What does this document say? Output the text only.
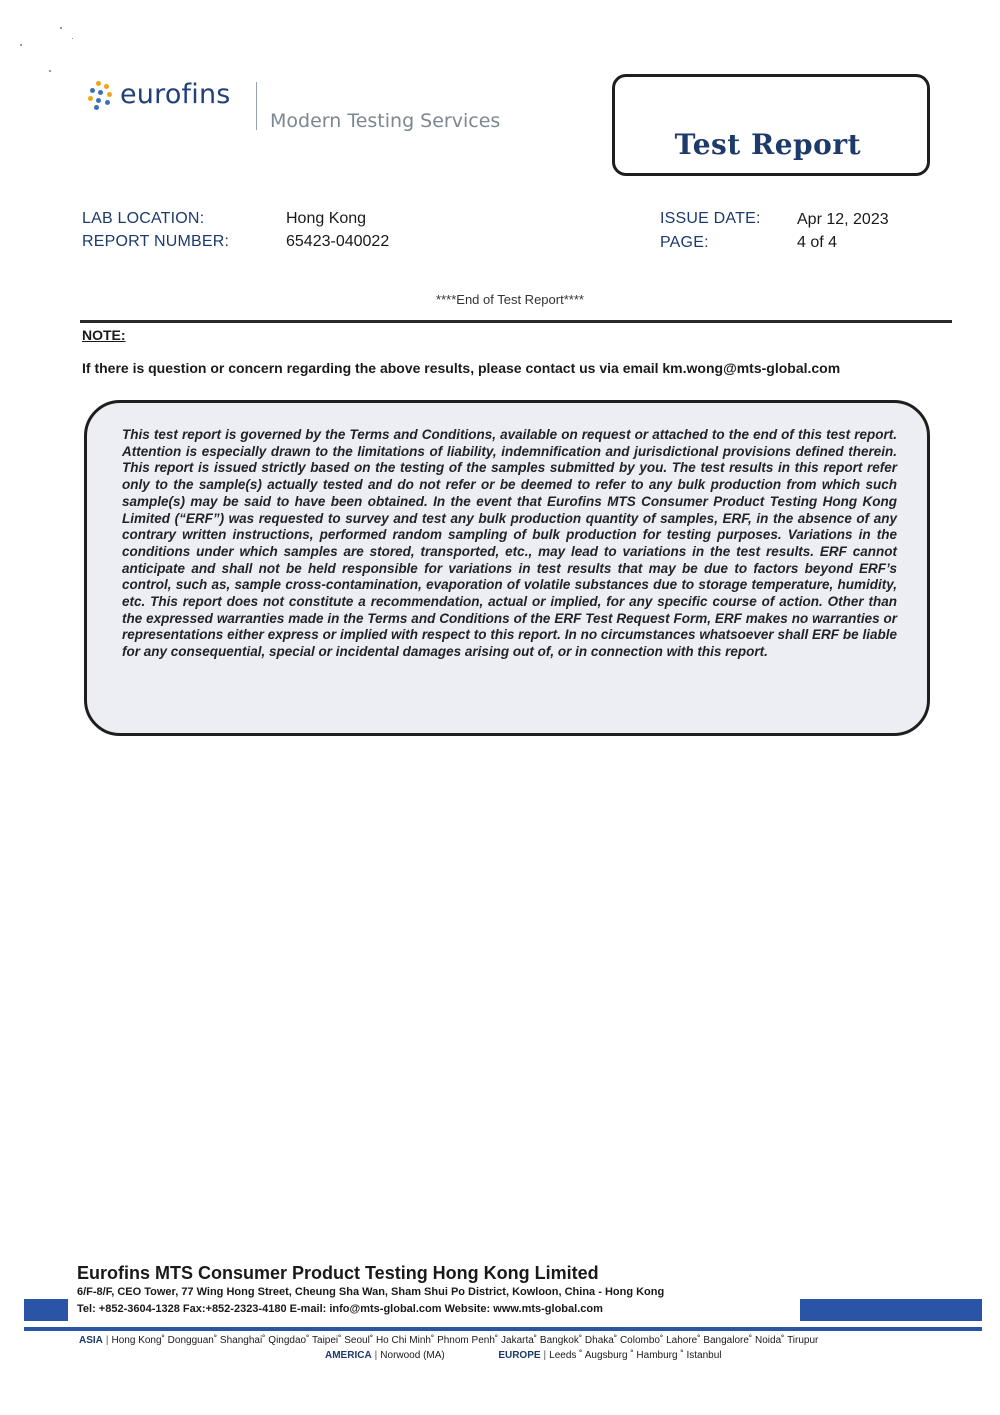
eurofins
Modern Testing Services
Test Report
LAB LOCATION:	Hong Kong
REPORT NUMBER:	65423-040022
ISSUE DATE: Apr 12, 2023
PAGE:	4 of 4
****End of Test Report****
NOTE:
If there is question or concern regarding the above results, please contact us via email km.wong@mts-global.com
This test report is governed by the Terms and Conditions, available on request or attached to the end of this test report. Attention is especially drawn to the limitations of liability, indemnification and jurisdictional provisions defined therein. This report is issued strictly based on the testing of the samples submitted by you. The test results in this report refer only to the sample(s) actually tested and do not refer or be deemed to refer to any bulk production from which such sample(s) may be said to have been obtained. In the event that Eurofins MTS Consumer Product Testing Hong Kong Limited (“ERF”) was requested to survey and test any bulk production quantity of samples, ERF, in the absence of any contrary written instructions, performed random sampling of bulk production for testing purposes. Variations in the conditions under which samples are stored, transported, etc., may lead to variations in the test results. ERF cannot anticipate and shall not be held responsible for variations in test results that may be due to factors beyond ERF’s control, such as, sample cross-contamination, evaporation of volatile substances due to storage temperature, humidity, etc. This report does not constitute a recommendation, actual or implied, for any specific course of action. Other than the expressed warranties made in the Terms and Conditions of the ERF Test Request Form, ERF makes no warranties or representations either express or implied with respect to this report. In no circumstances whatsoever shall ERF be liable for any consequential, special or incidental damages arising out of, or in connection with this report.
Eurofins MTS Consumer Product Testing Hong Kong Limited
6/F-8/F, CEO Tower, 77 Wing Hong Street, Cheung Sha Wan, Sham Shui Po District, Kowloon, China - Hong Kong
Tel: +852-3604-1328 Fax:+852-2323-4180 E-mail: info@mts-global.com Website: www.mts-global.com
ASIA | Hong Kong˚ Dongguan˚ Shanghai˚ Qingdao˚ Taipei˚ Seoul˚ Ho Chi Minh˚ Phnom Penh˚ Jakarta˚ Bangkok˚ Dhaka˚ Colombo˚ Lahore˚ Bangalore˚ Noida˚ Tirupur
AMERICA | Norwood (MA)	EUROPE | Leeds ˚ Augsburg ˚ Hamburg ˚ Istanbul
